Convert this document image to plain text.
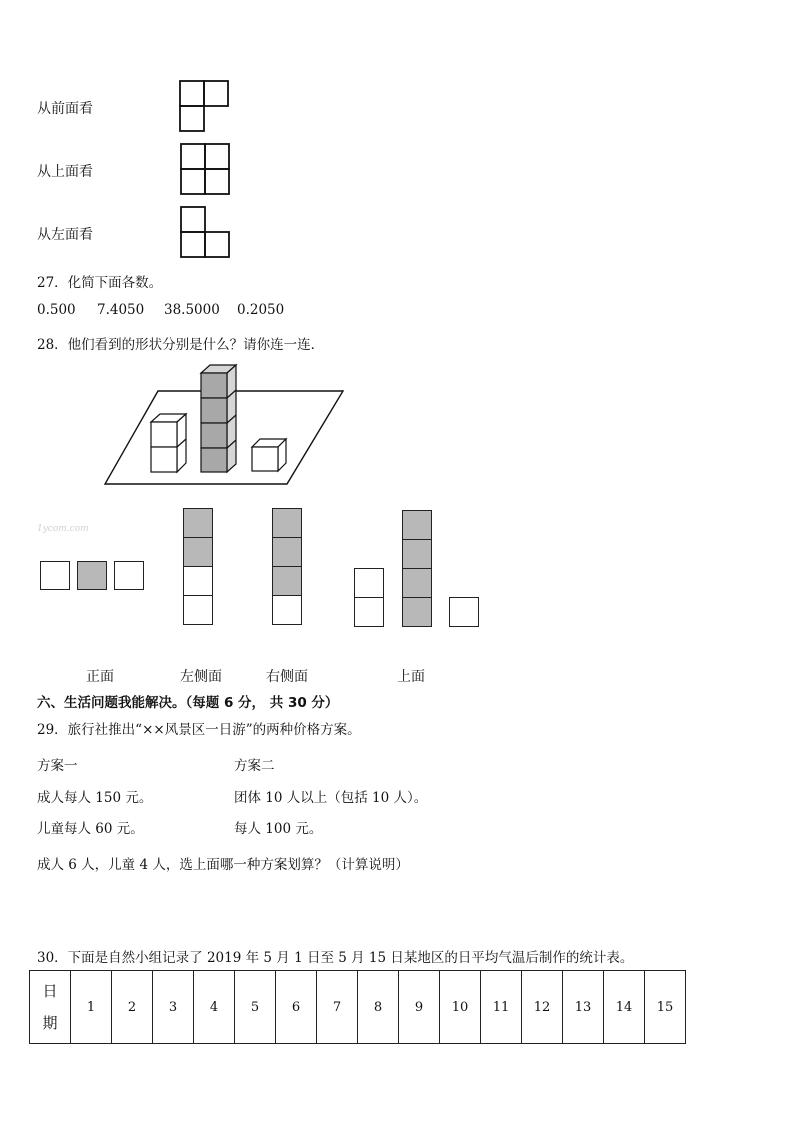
从前面看
从上面看
从左面看
27．化简下面各数。
0.500 7.4050 38.5000 0.2050
28．他们看到的形状分别是什么？请你连一连．
1ycom.com
正面	左侧面	右侧面	上面
六、生活问题我能解决。（每题 6 分， 共 30 分）
29．旅行社推出“××风景区一日游”的两种价格方案。
方案一	方案二
成人每人 150 元。	团体 10 人以上（包括 10 人）。
儿童每人 60 元。	每人 100 元。
成人 6 人，儿童 4 人，选上面哪一种方案划算？（计算说明）
30．下面是自然小组记录了 2019 年 5 月 1 日至 5 月 15 日某地区的日平均气温后制作的统计表。
日
期
	1	2	3	4	5	6	7	8	9	10	11	12	13	14	15
